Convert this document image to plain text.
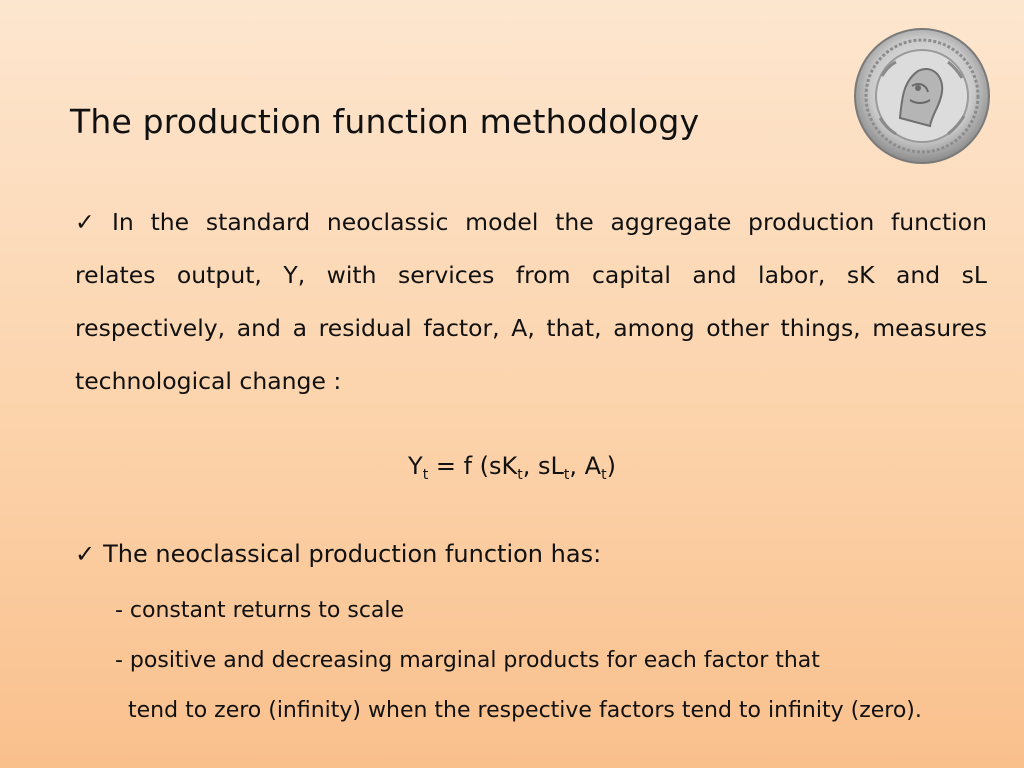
The production function methodology
✓ In the standard neoclassic model the aggregate production function relates output, Y, with services from capital and labor, sK and sL respectively, and a residual factor, A, that, among other things, measures technological change :
$Y_t = f$ ($sK_t$, $sL_t$, $A_t$)
✓ The neoclassical production function has:
- constant returns to scale
- positive and decreasing marginal products for each factor that
tend to zero (infinity) when the respective factors tend to infinity (zero).
